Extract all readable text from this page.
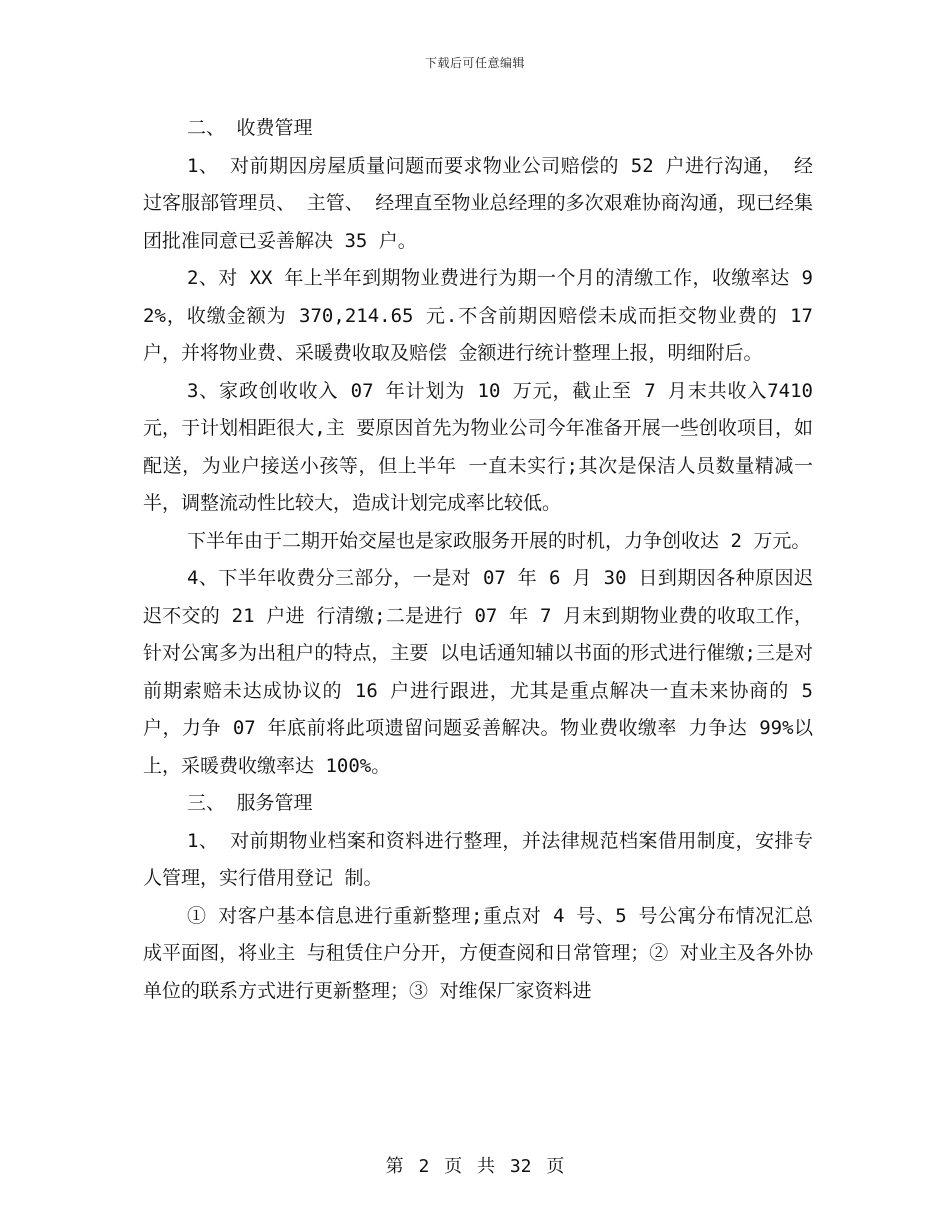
下载后可任意编辑

二、 收费管理

1、 对前期因房屋质量问题而要求物业公司赔偿的 52 户进行沟通， 经过客服部管理员、 主管、 经理直至物业总经理的多次艰难协商沟通，现已经集团批准同意已妥善解决 35 户。

2、对 XX 年上半年到期物业费进行为期一个月的清缴工作，收缴率达 92%，收缴金额为 370,214.65 元.不含前期因赔偿未成而拒交物业费的 17 户，并将物业费、采暖费收取及赔偿 金额进行统计整理上报，明细附后。

3、家政创收收入 07 年计划为 10 万元，截止至 7 月末共收入7410 元，于计划相距很大,主 要原因首先为物业公司今年准备开展一些创收项目，如配送，为业户接送小孩等，但上半年 一直未实行;其次是保洁人员数量精减一半，调整流动性比较大，造成计划完成率比较低。

下半年由于二期开始交屋也是家政服务开展的时机，力争创收达 2 万元。

4、下半年收费分三部分，一是对 07 年 6 月 30 日到期因各种原因迟迟不交的 21 户进 行清缴;二是进行 07 年 7 月末到期物业费的收取工作，针对公寓多为出租户的特点，主要 以电话通知辅以书面的形式进行催缴;三是对前期索赔未达成协议的 16 户进行跟进，尤其是重点解决一直未来协商的 5 户，力争 07 年底前将此项遗留问题妥善解决。物业费收缴率 力争达 99%以上，采暖费收缴率达 100%。

三、 服务管理

1、 对前期物业档案和资料进行整理，并法律规范档案借用制度，安排专人管理，实行借用登记 制。

① 对客户基本信息进行重新整理;重点对 4 号、5 号公寓分布情况汇总成平面图，将业主 与租赁住户分开，方便查阅和日常管理；② 对业主及各外协单位的联系方式进行更新整理；③ 对维保厂家资料进

第 2 页 共 32 页
